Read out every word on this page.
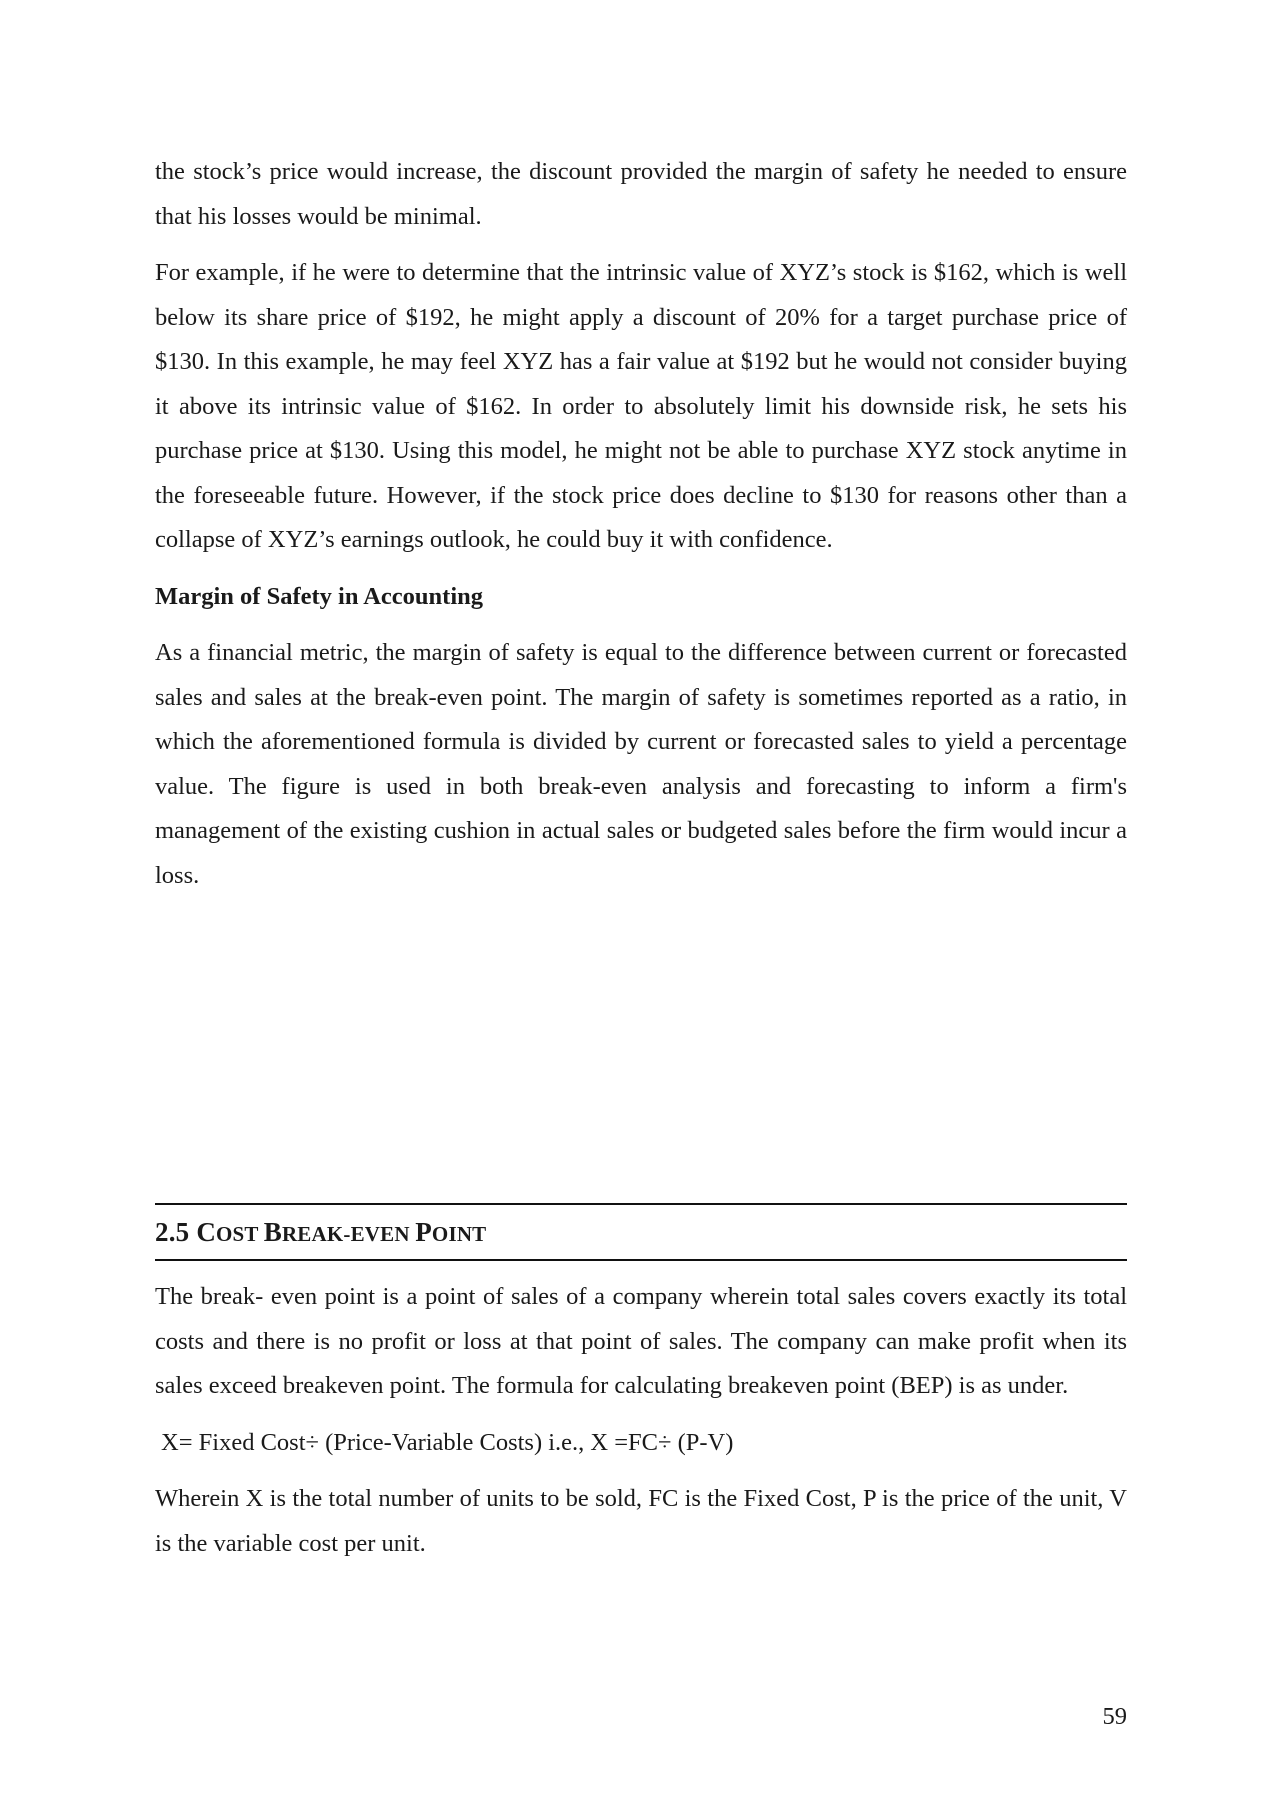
the stock’s price would increase, the discount provided the margin of safety he needed to ensure that his losses would be minimal.

For example, if he were to determine that the intrinsic value of XYZ’s stock is $162, which is well below its share price of $192, he might apply a discount of 20% for a target purchase price of $130. In this example, he may feel XYZ has a fair value at $192 but he would not consider buying it above its intrinsic value of $162. In order to absolutely limit his downside risk, he sets his purchase price at $130. Using this model, he might not be able to purchase XYZ stock anytime in the foreseeable future. However, if the stock price does decline to $130 for reasons other than a collapse of XYZ’s earnings outlook, he could buy it with confidence.

Margin of Safety in Accounting

As a financial metric, the margin of safety is equal to the difference between current or forecasted sales and sales at the break-even point. The margin of safety is sometimes reported as a ratio, in which the aforementioned formula is divided by current or forecasted sales to yield a percentage value. The figure is used in both break-even analysis and forecasting to inform a firm's management of the existing cushion in actual sales or budgeted sales before the firm would incur a loss.

2.5 COST BREAK-EVEN POINT

The break- even point is a point of sales of a company wherein total sales covers exactly its total costs and there is no profit or loss at that point of sales. The company can make profit when its sales exceed breakeven point. The formula for calculating breakeven point (BEP) is as under.

X= Fixed Cost÷ (Price-Variable Costs) i.e., X =FC÷ (P-V)

Wherein X is the total number of units to be sold, FC is the Fixed Cost, P is the price of the unit, V is the variable cost per unit.

59
